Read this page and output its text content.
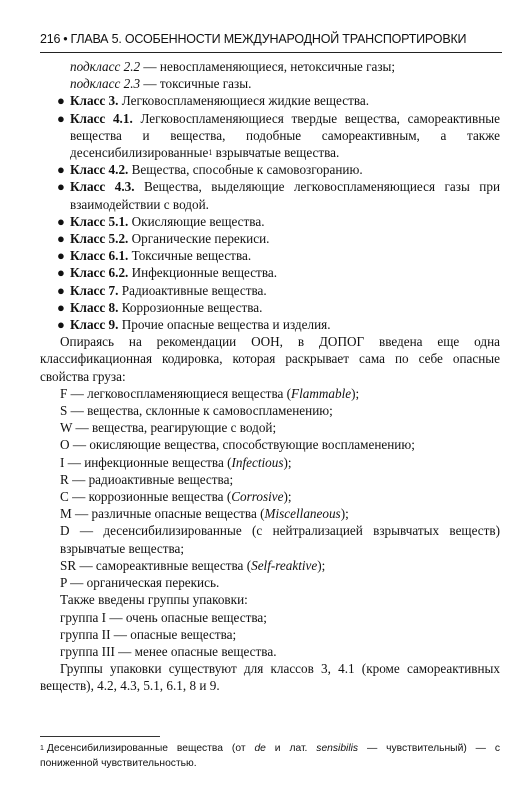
216 • ГЛАВА 5. ОСОБЕННОСТИ МЕЖДУНАРОДНОЙ ТРАНСПОРТИРОВКИ

подкласс 2.2 — невоспламеняющиеся, нетоксичные газы;

подкласс 2.3 — токсичные газы.

● Класс 3. Легковоспламеняющиеся жидкие вещества.

● Класс 4.1. Легковоспламеняющиеся твердые вещества, самореактивные вещества и вещества, подобные самореактивным, а также десенсибилизированные$^1$ взрывчатые вещества.

● Класс 4.2. Вещества, способные к самовозгоранию.

● Класс 4.3. Вещества, выделяющие легковоспламеняющиеся газы при взаимодействии с водой.

● Класс 5.1. Окисляющие вещества.

● Класс 5.2. Органические перекиси.

● Класс 6.1. Токсичные вещества.

● Класс 6.2. Инфекционные вещества.

● Класс 7. Радиоактивные вещества.

● Класс 8. Коррозионные вещества.

● Класс 9. Прочие опасные вещества и изделия.

Опираясь на рекомендации ООН, в ДОПОГ введена еще одна классификационная кодировка, которая раскрывает сама по себе опасные свойства груза:

F — легковоспламеняющиеся вещества (Flammable);

S — вещества, склонные к самовоспламенению;

W — вещества, реагирующие с водой;

O — окисляющие вещества, способствующие воспламенению;

I — инфекционные вещества (Infectious);

R — радиоактивные вещества;

C — коррозионные вещества (Corrosive);

M — различные опасные вещества (Miscellaneous);

D — десенсибилизированные (с нейтрализацией взрывчатых веществ) взрывчатые вещества;

SR — самореактивные вещества (Self-reaktive);

P — органическая перекись.

Также введены группы упаковки:

группа I — очень опасные вещества;

группа II — опасные вещества;

группа III — менее опасные вещества.

Группы упаковки существуют для классов 3, 4.1 (кроме самореактивных веществ), 4.2, 4.3, 5.1, 6.1, 8 и 9.

$^1$ Десенсибилизированные вещества (от de и лат. sensibilis — чувствительный) — с пониженной чувствительностью.
